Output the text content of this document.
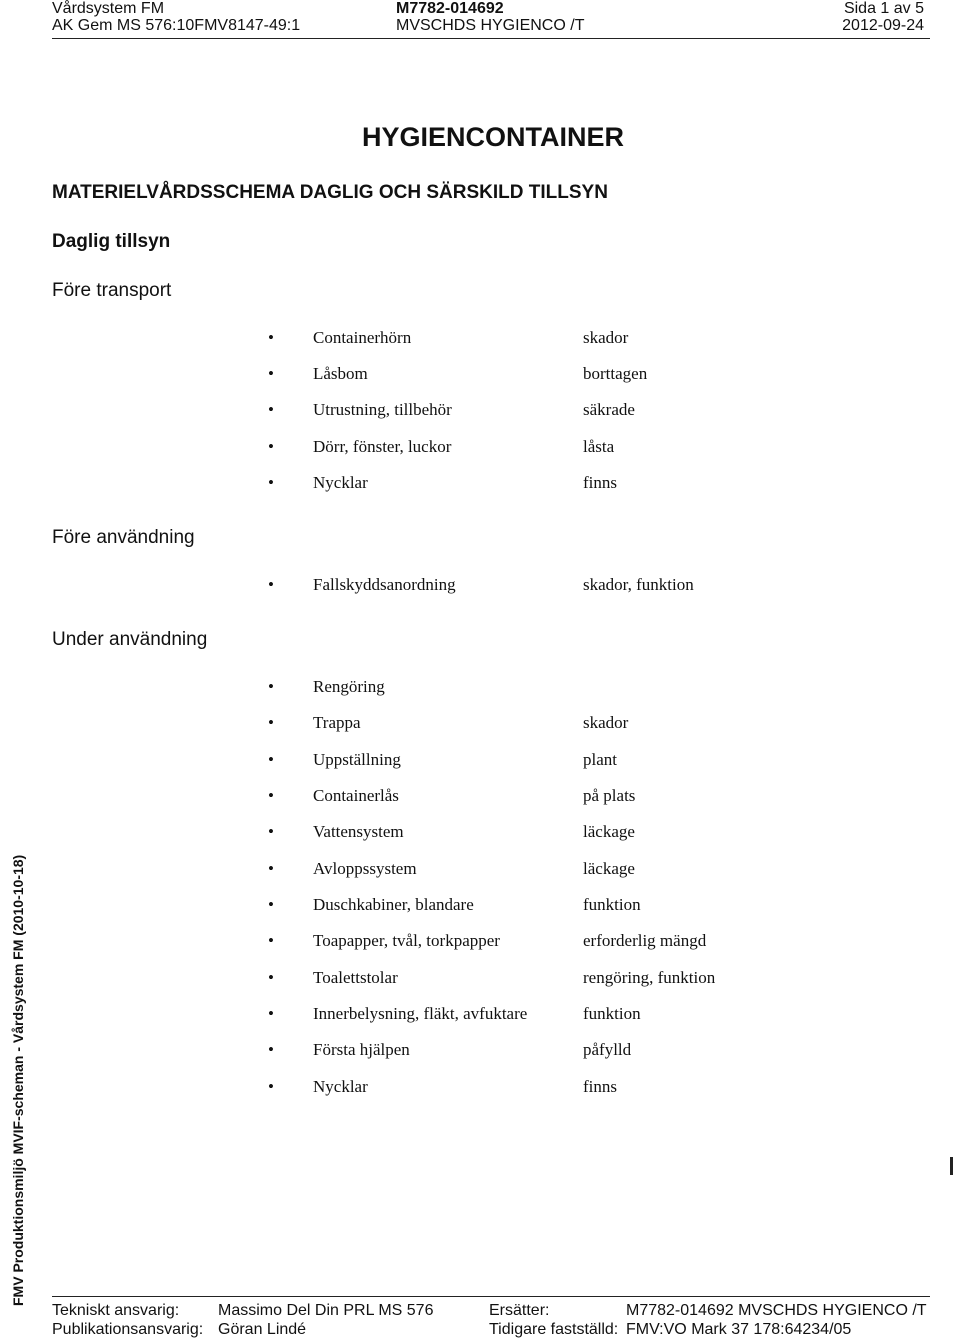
Vårdsystem FM	M7782-014692	Sida 1 av 5
AK Gem MS 576:10FMV8147-49:1	MVSCHDS HYGIENCO /T	2012-09-24
HYGIENCONTAINER
MATERIELVÅRDSSCHEMA DAGLIG OCH SÄRSKILD TILLSYN
Daglig tillsyn
Före transport
• Containerhörn	skador
• Låsbom	borttagen
• Utrustning, tillbehör	säkrade
• Dörr, fönster, luckor	låsta
• Nycklar	finns
Före användning
• Fallskyddsanordning	skador, funktion
Under användning
• Rengöring
• Trappa	skador
• Uppställning	plant
• Containerlås	på plats
• Vattensystem	läckage
• Avloppssystem	läckage
• Duschkabiner, blandare	funktion
• Toapapper, tvål, torkpapper	erforderlig mängd
• Toalettstolar	rengöring, funktion
• Innerbelysning, fläkt, avfuktare	funktion
• Första hjälpen	påfylld
• Nycklar	finns
FMV Produktionsmiljö MVIF-scheman - Vårdsystem FM (2010-10-18)
Tekniskt ansvarig: Massimo Del Din PRL MS 576	Ersätter:	M7782-014692 MVSCHDS HYGIENCO /T
Publikationsansvarig: Göran Lindé	Tidigare fastställd: FMV:VO Mark 37 178:64234/05
